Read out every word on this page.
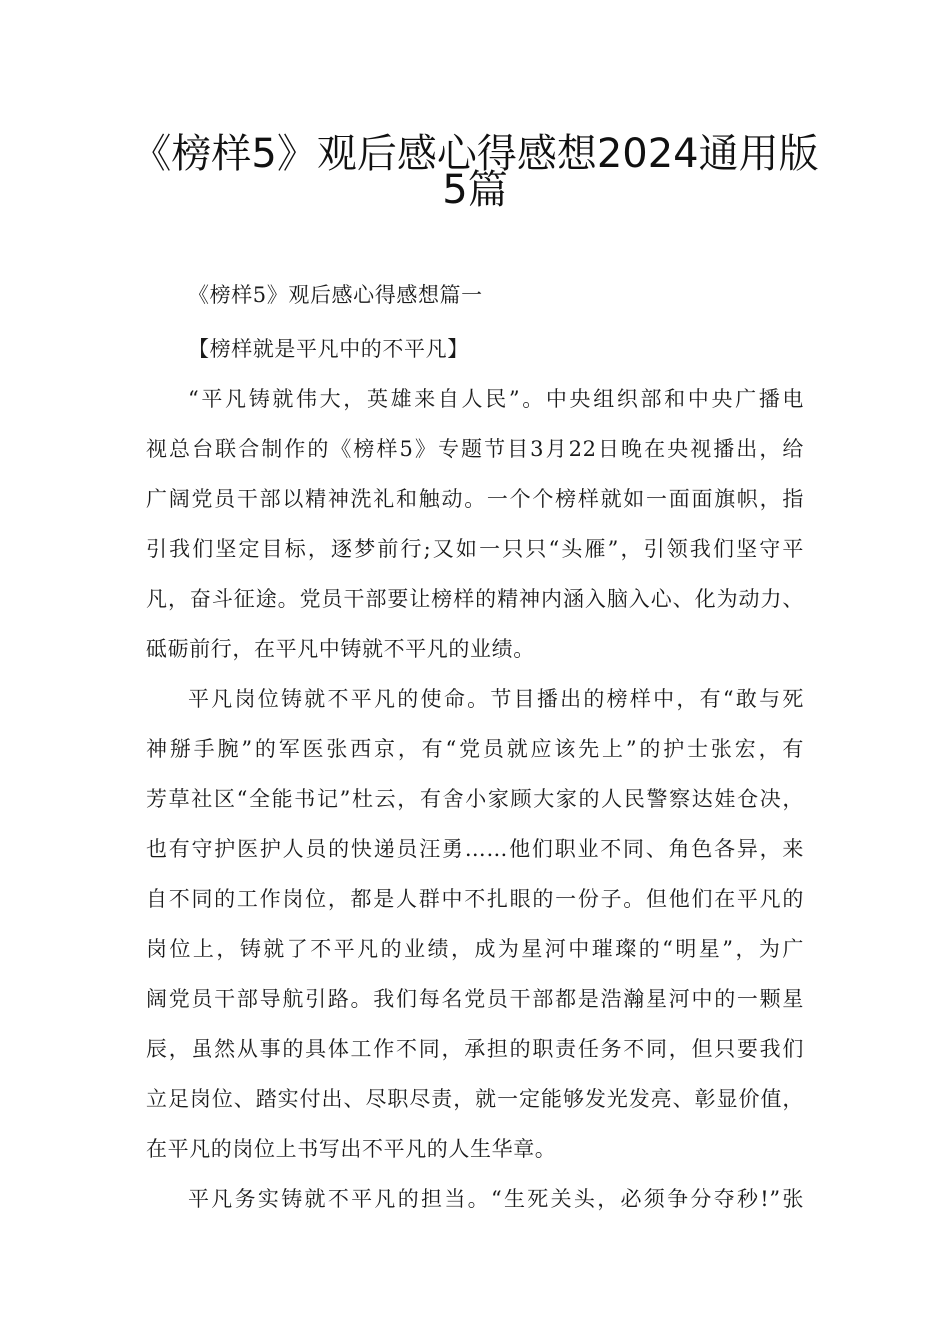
《榜样5》观后感心得感想2024通用版
5篇
《榜样5》观后感心得感想篇一
【榜样就是平凡中的不平凡】
“平凡铸就伟大，英雄来自人民”。中央组织部和中央广播电
视总台联合制作的《榜样5》专题节目3月22日晚在央视播出，给
广阔党员干部以精神洗礼和触动。一个个榜样就如一面面旗帜，指
引我们坚定目标，逐梦前行;又如一只只“头雁”，引领我们坚守平
凡，奋斗征途。党员干部要让榜样的精神内涵入脑入心、化为动力、
砥砺前行，在平凡中铸就不平凡的业绩。
平凡岗位铸就不平凡的使命。节目播出的榜样中，有“敢与死
神掰手腕”的军医张西京，有“党员就应该先上”的护士张宏，有
芳草社区“全能书记”杜云，有舍小家顾大家的人民警察达娃仓决，
也有守护医护人员的快递员汪勇……他们职业不同、角色各异，来
自不同的工作岗位，都是人群中不扎眼的一份子。但他们在平凡的
岗位上，铸就了不平凡的业绩，成为星河中璀璨的“明星”，为广
阔党员干部导航引路。我们每名党员干部都是浩瀚星河中的一颗星
辰，虽然从事的具体工作不同，承担的职责任务不同，但只要我们
立足岗位、踏实付出、尽职尽责，就一定能够发光发亮、彰显价值，
在平凡的岗位上书写出不平凡的人生华章。
平凡务实铸就不平凡的担当。“生死关头，必须争分夺秒!”张
